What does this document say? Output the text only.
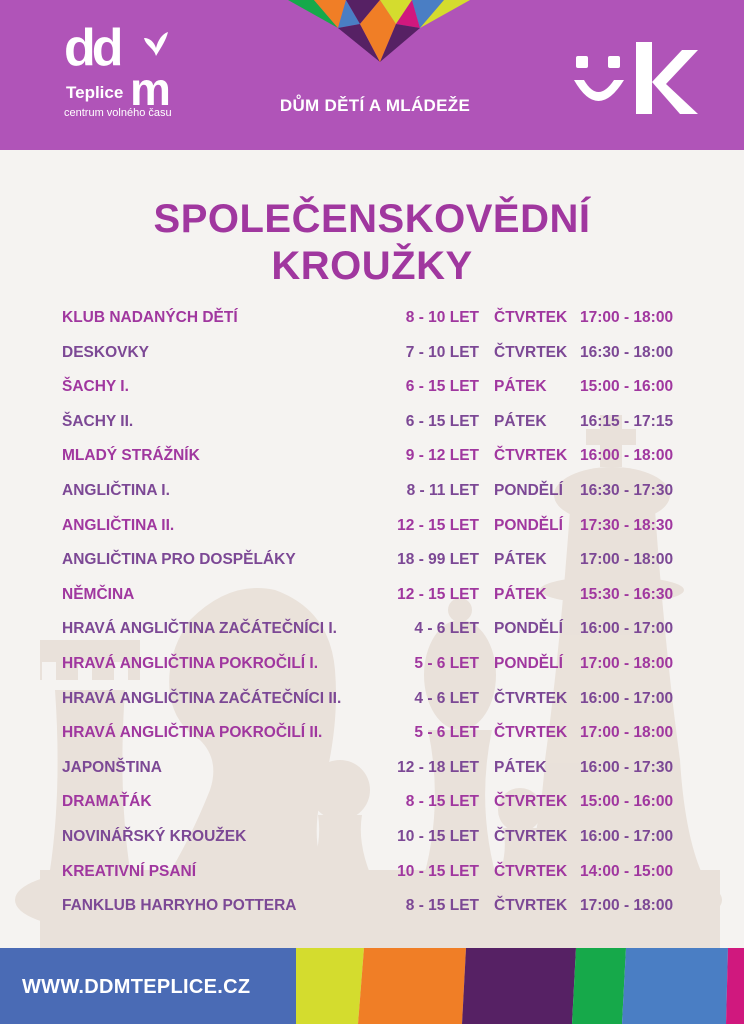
dd
m
Teplice
centrum volného času	DŮM DĚTÍ A MLÁDEŽE
SPOLEČENSKOVĚDNÍ
KROUŽKY
KLUB NADANÝCH DĚTÍ	8 - 10 LET ČTVRTEK 17:00 - 18:00
DESKOVKY	7 - 10 LET ČTVRTEK 16:30 - 18:00
ŠACHY I.	6 - 15 LET PÁTEK 15:00 - 16:00
ŠACHY II.	6 - 15 LET PÁTEK 16:15 - 17:15
MLADÝ STRÁŽNÍK	9 - 12 LET ČTVRTEK 16:00 - 18:00
ANGLIČTINA I.	8 - 11 LET PONDĚLÍ 16:30 - 17:30
ANGLIČTINA II.	12 - 15 LET PONDĚLÍ 17:30 - 18:30
ANGLIČTINA PRO DOSPĚLÁKY	18 - 99 LET PÁTEK 17:00 - 18:00
NĚMČINA	12 - 15 LET PÁTEK 15:30 - 16:30
HRAVÁ ANGLIČTINA ZAČÁTEČNÍCI I.	4 - 6 LET PONDĚLÍ 16:00 - 17:00
HRAVÁ ANGLIČTINA POKROČILÍ I.	5 - 6 LET PONDĚLÍ 17:00 - 18:00
HRAVÁ ANGLIČTINA ZAČÁTEČNÍCI II.	4 - 6 LET ČTVRTEK 16:00 - 17:00
HRAVÁ ANGLIČTINA POKROČILÍ II.	5 - 6 LET ČTVRTEK 17:00 - 18:00
JAPONŠTINA	12 - 18 LET PÁTEK 16:00 - 17:30
DRAMAŤÁK	8 - 15 LET ČTVRTEK 15:00 - 16:00
NOVINÁŘSKÝ KROUŽEK	10 - 15 LET ČTVRTEK 16:00 - 17:00
KREATIVNÍ PSANÍ	10 - 15 LET ČTVRTEK 14:00 - 15:00
FANKLUB HARRYHO POTTERA	8 - 15 LET ČTVRTEK 17:00 - 18:00
WWW.DDMTEPLICE.CZ
